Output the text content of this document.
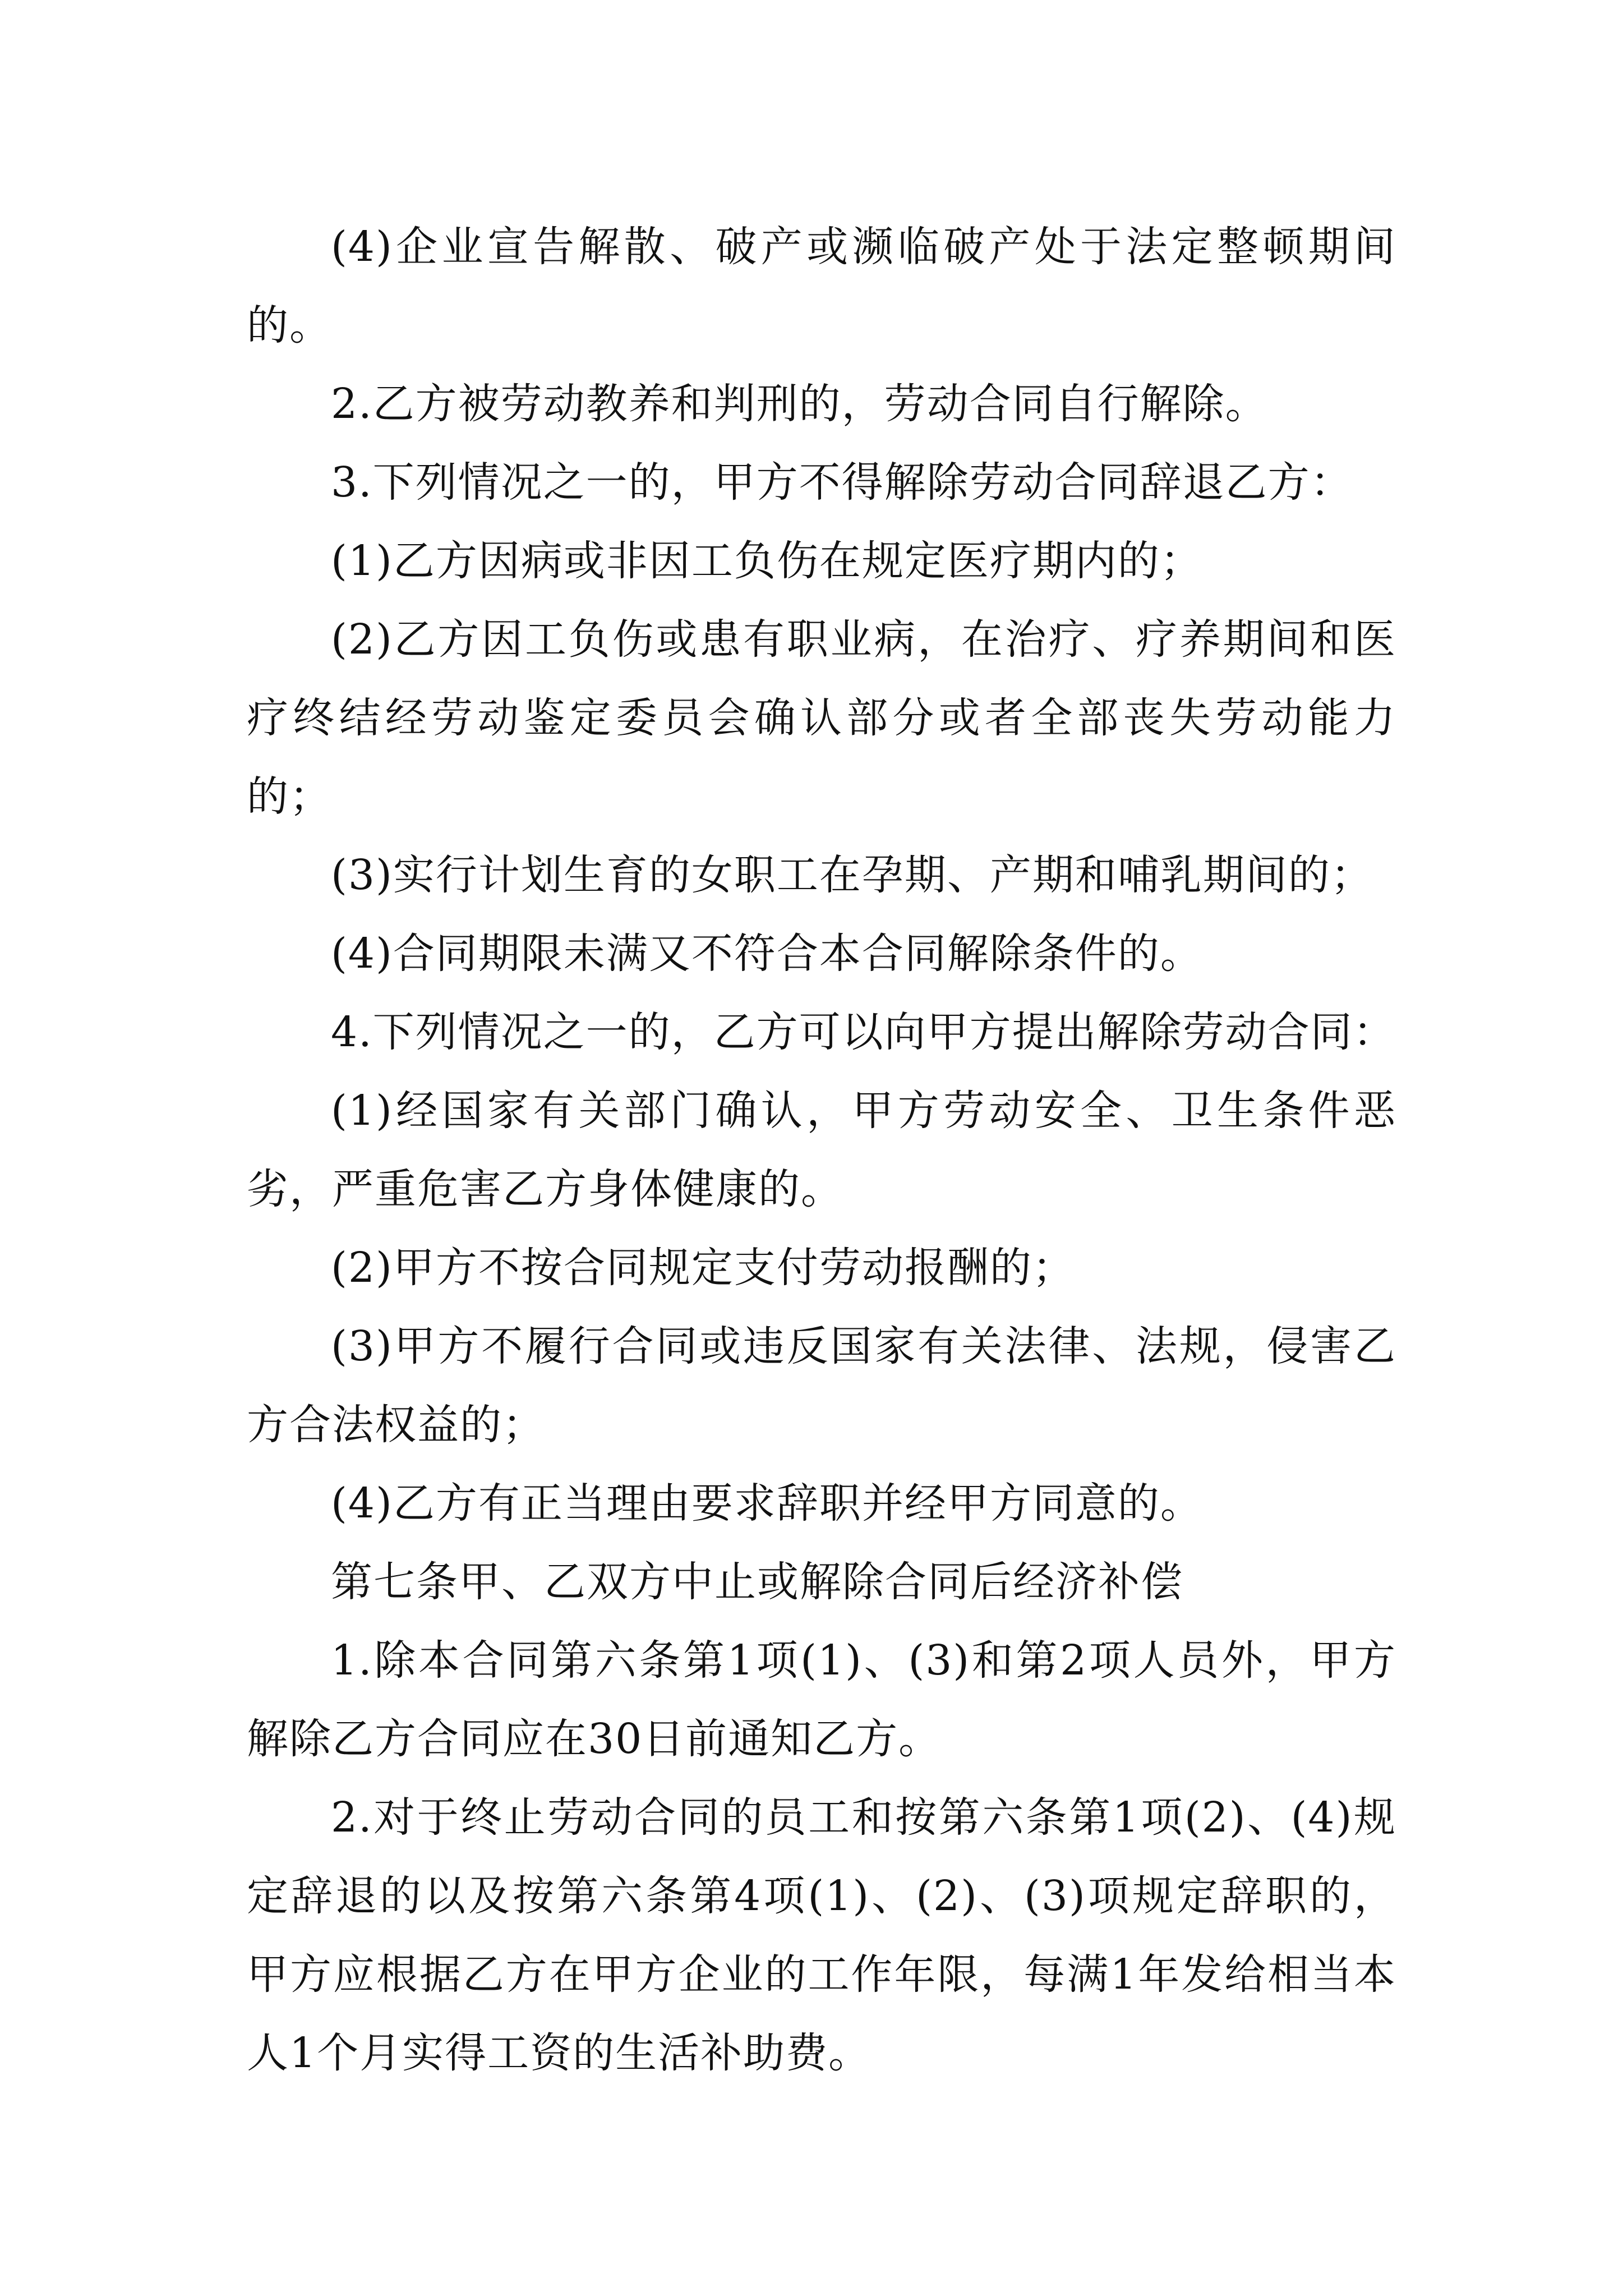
(4)企业宣告解散、破产或濒临破产处于法定整顿期间的。

2.乙方被劳动教养和判刑的，劳动合同自行解除。

3.下列情况之一的，甲方不得解除劳动合同辞退乙方：

(1)乙方因病或非因工负伤在规定医疗期内的；

(2)乙方因工负伤或患有职业病，在治疗、疗养期间和医疗终结经劳动鉴定委员会确认部分或者全部丧失劳动能力的；

(3)实行计划生育的女职工在孕期、产期和哺乳期间的；

(4)合同期限未满又不符合本合同解除条件的。

4.下列情况之一的，乙方可以向甲方提出解除劳动合同：

(1)经国家有关部门确认，甲方劳动安全、卫生条件恶劣，严重危害乙方身体健康的。

(2)甲方不按合同规定支付劳动报酬的；

(3)甲方不履行合同或违反国家有关法律、法规，侵害乙方合法权益的；

(4)乙方有正当理由要求辞职并经甲方同意的。

第七条甲、乙双方中止或解除合同后经济补偿

1.除本合同第六条第1项(1)、(3)和第2项人员外，甲方解除乙方合同应在30日前通知乙方。

2.对于终止劳动合同的员工和按第六条第1项(2)、(4)规定辞退的以及按第六条第4项(1)、(2)、(3)项规定辞职的，甲方应根据乙方在甲方企业的工作年限，每满1年发给相当本人1个月实得工资的生活补助费。
